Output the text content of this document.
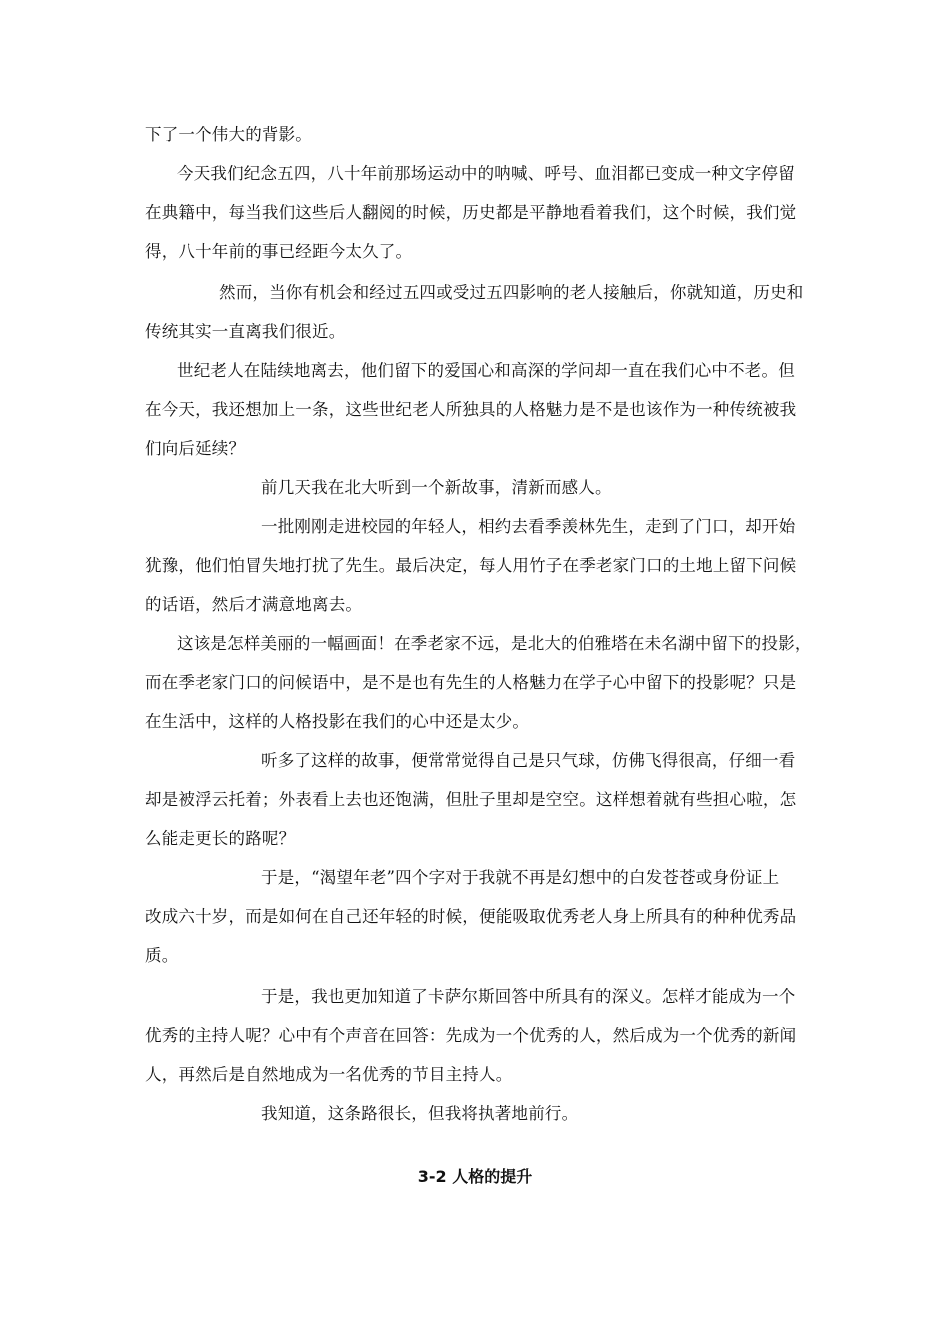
下了一个伟大的背影。
今天我们纪念五四，八十年前那场运动中的呐喊、呼号、血泪都已变成一种文字停留
在典籍中，每当我们这些后人翻阅的时候，历史都是平静地看着我们，这个时候，我们觉
得，八十年前的事已经距今太久了。
然而，当你有机会和经过五四或受过五四影响的老人接触后，你就知道，历史和
传统其实一直离我们很近。
世纪老人在陆续地离去，他们留下的爱国心和高深的学问却一直在我们心中不老。但
在今天，我还想加上一条，这些世纪老人所独具的人格魅力是不是也该作为一种传统被我
们向后延续？
前几天我在北大听到一个新故事，清新而感人。
一批刚刚走进校园的年轻人，相约去看季羡林先生，走到了门口，却开始
犹豫，他们怕冒失地打扰了先生。最后决定，每人用竹子在季老家门口的土地上留下问候
的话语，然后才满意地离去。
这该是怎样美丽的一幅画面！在季老家不远，是北大的伯雅塔在未名湖中留下的投影，
而在季老家门口的问候语中，是不是也有先生的人格魅力在学子心中留下的投影呢？只是
在生活中，这样的人格投影在我们的心中还是太少。
听多了这样的故事，便常常觉得自己是只气球，仿佛飞得很高，仔细一看
却是被浮云托着；外表看上去也还饱满，但肚子里却是空空。这样想着就有些担心啦，怎
么能走更长的路呢？
于是，“渴望年老”四个字对于我就不再是幻想中的白发苍苍或身份证上
改成六十岁，而是如何在自己还年轻的时候，便能吸取优秀老人身上所具有的种种优秀品
质。
于是，我也更加知道了卡萨尔斯回答中所具有的深义。怎样才能成为一个
优秀的主持人呢？心中有个声音在回答：先成为一个优秀的人，然后成为一个优秀的新闻
人，再然后是自然地成为一名优秀的节目主持人。
我知道，这条路很长，但我将执著地前行。
3-2 人格的提升
